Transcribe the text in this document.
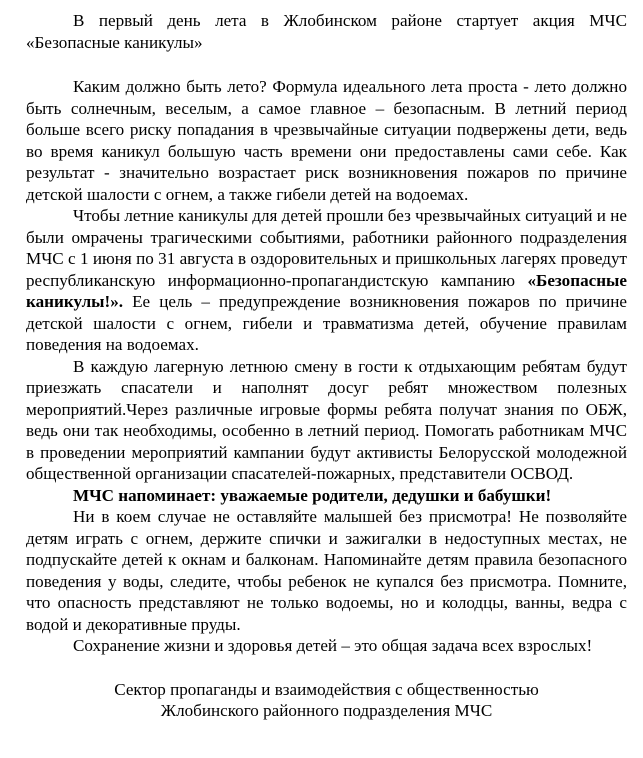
В первый день лета в Жлобинском районе стартует акция МЧС «Безопасные каникулы»

Каким должно быть лето? Формула идеального лета проста - лето должно быть солнечным, веселым, а самое главное – безопасным. В летний период больше всего риску попадания в чрезвычайные ситуации подвержены дети, ведь во время каникул большую часть времени они предоставлены сами себе. Как результат - значительно возрастает риск возникновения пожаров по причине детской шалости с огнем, а также гибели детей на водоемах.

Чтобы летние каникулы для детей прошли без чрезвычайных ситуаций и не были омрачены трагическими событиями, работники районного подразделения МЧС с 1 июня по 31 августа в оздоровительных и пришкольных лагерях проведут республиканскую информационно-пропагандистскую кампанию «Безопасные каникулы!». Ее цель – предупреждение возникновения пожаров по причине детской шалости с огнем, гибели и травматизма детей, обучение правилам поведения на водоемах.

В каждую лагерную летнюю смену в гости к отдыхающим ребятам будут приезжать спасатели и наполнят досуг ребят множеством полезных мероприятий.Через различные игровые формы ребята получат знания по ОБЖ, ведь они так необходимы, особенно в летний период. Помогать работникам МЧС в проведении мероприятий кампании будут активисты Белорусской молодежной общественной организации спасателей-пожарных, представители ОСВОД.

МЧС напоминает: уважаемые родители, дедушки и бабушки!

Ни в коем случае не оставляйте малышей без присмотра! Не позволяйте детям играть с огнем, держите спички и зажигалки в недоступных местах, не подпускайте детей к окнам и балконам. Напоминайте детям правила безопасного поведения у воды, следите, чтобы ребенок не купался без присмотра. Помните, что опасность представляют не только водоемы, но и колодцы, ванны, ведра с водой и декоративные пруды.

Сохранение жизни и здоровья детей – это общая задача всех взрослых!

Сектор пропаганды и взаимодействия с общественностью

Жлобинского районного подразделения МЧС
